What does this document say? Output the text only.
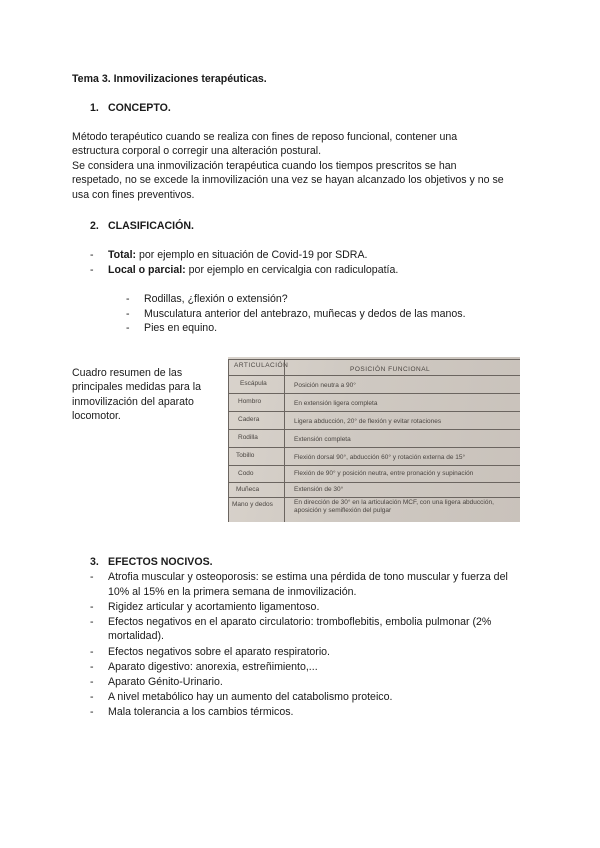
Tema 3. Inmovilizaciones terapéuticas.
1. CONCEPTO.
Método terapéutico cuando se realiza con fines de reposo funcional, contener una
estructura corporal o corregir una alteración postural.
Se considera una inmovilización terapéutica cuando los tiempos prescritos se han
respetado, no se excede la inmovilización una vez se hayan alcanzado los objetivos y no se
usa con fines preventivos.
2. CLASIFICACIÓN.
- Total: por ejemplo en situación de Covid-19 por SDRA.
- Local o parcial: por ejemplo en cervicalgia con radiculopatía.
- Rodillas, ¿flexión o extensión?
- Musculatura anterior del antebrazo, muñecas y dedos de las manos.
- Pies en equino.
Cuadro resumen de las
principales medidas para la
inmovilización del aparato
locomotor.
ARTICULACIÓN
POSICIÓN FUNCIONAL
Escápula	Posición neutra a 90°
Hombro	En extensión ligera completa
Cadera	Ligera abducción, 20° de flexión y evitar rotaciones
Rodilla	Extensión completa
Tobillo	Flexión dorsal 90°, abducción 60° y rotación externa de 15°
Codo	Flexión de 90° y posición neutra, entre pronación y supinación
Muñeca	Extensión de 30°
Mano y dedos	En dirección de 30° en la articulación MCF, con una ligera abducción, aposición y semiflexión del pulgar
3. EFECTOS NOCIVOS.
- Atrofia muscular y osteoporosis: se estima una pérdida de tono muscular y fuerza del
10% al 15% en la primera semana de inmovilización.
- Rigidez articular y acortamiento ligamentoso.
- Efectos negativos en el aparato circulatorio: tromboflebitis, embolia pulmonar (2%
mortalidad).
- Efectos negativos sobre el aparato respiratorio.
- Aparato digestivo: anorexia, estreñimiento,...
- Aparato Génito-Urinario.
- A nivel metabólico hay un aumento del catabolismo proteico.
- Mala tolerancia a los cambios térmicos.
